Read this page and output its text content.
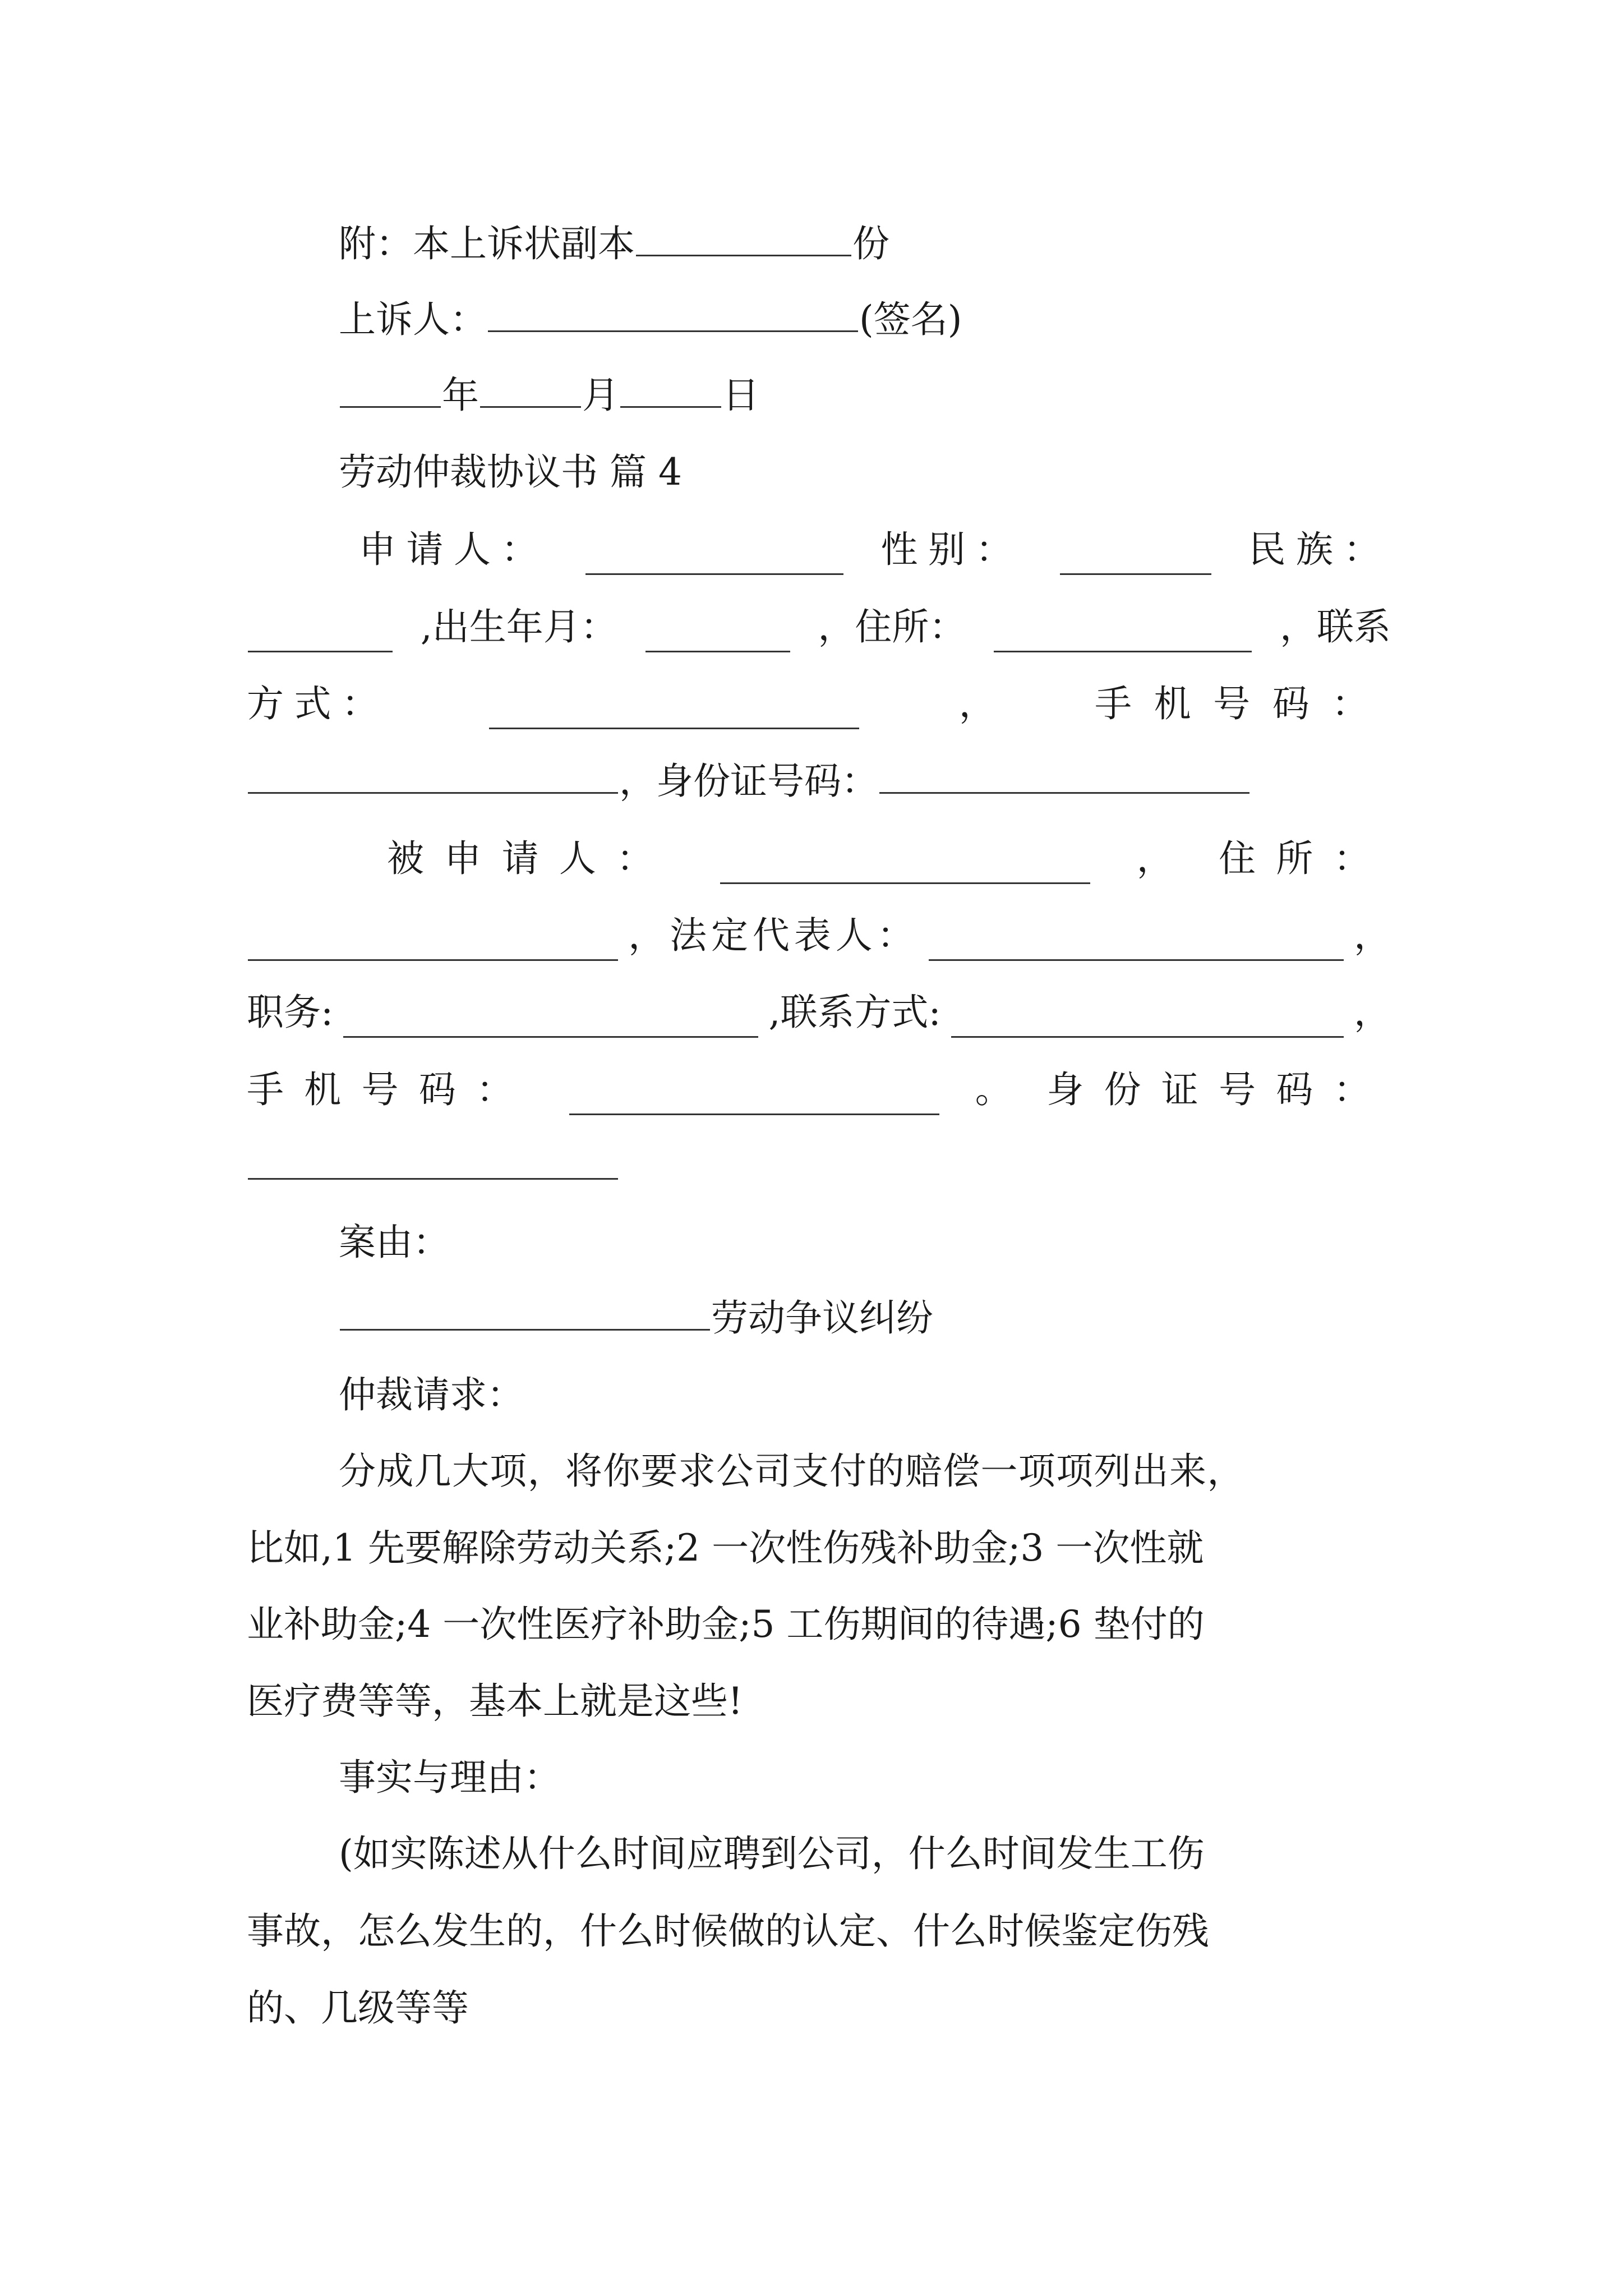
附：本上诉状副本	份
上诉人：	(签名)
年	月	日
劳动仲裁协议书 篇 4
申请人：	性别：	民族：
,出生年月：	，住所：	，联系
方式：	，	手机号码：
，身份证号码：
被申请人：	， 住所：
，法定代表人：	，
职务:	,联系方式:	，
手机号码：	。 身份证号码：
案由：
劳动争议纠纷
仲裁请求：
分成几大项，将你要求公司支付的赔偿一项项列出来，
比如,1 先要解除劳动关系;2 一次性伤残补助金;3 一次性就
业补助金;4 一次性医疗补助金;5 工伤期间的待遇;6 垫付的
医疗费等等，基本上就是这些!
事实与理由：
(如实陈述从什么时间应聘到公司，什么时间发生工伤
事故，怎么发生的，什么时候做的认定、什么时候鉴定伤残
的、几级等等
